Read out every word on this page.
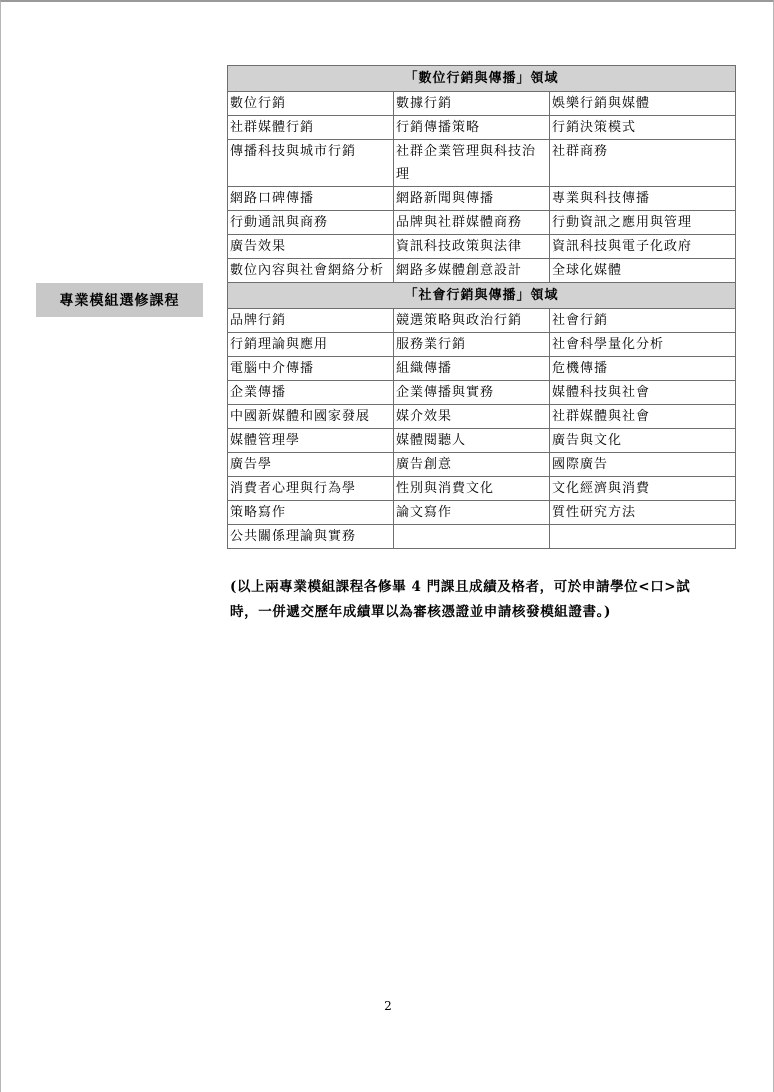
專業模組選修課程
「數位行銷與傳播」領域		
數位行銷	數據行銷	娛樂行銷與媒體
社群媒體行銷	行銷傳播策略	行銷決策模式
傳播科技與城市行銷	社群企業管理與科技治理	社群商務
網路口碑傳播	網路新聞與傳播	專業與科技傳播
行動通訊與商務	品牌與社群媒體商務	行動資訊之應用與管理
廣告效果	資訊科技政策與法律	資訊科技與電子化政府
數位內容與社會網絡分析	網路多媒體創意設計	全球化媒體
「社會行銷與傳播」領域		
品牌行銷	競選策略與政治行銷	社會行銷
行銷理論與應用	服務業行銷	社會科學量化分析
電腦中介傳播	組織傳播	危機傳播
企業傳播	企業傳播與實務	媒體科技與社會
中國新媒體和國家發展	媒介效果	社群媒體與社會
媒體管理學	媒體閱聽人	廣告與文化
廣告學	廣告創意	國際廣告
消費者心理與行為學	性別與消費文化	文化經濟與消費
策略寫作	論文寫作	質性研究方法
公共關係理論與實務		
(以上兩專業模組課程各修畢 4 門課且成績及格者，可於申請學位<口>試
時，一併遞交歷年成績單以為審核憑證並申請核發模組證書。)
2
